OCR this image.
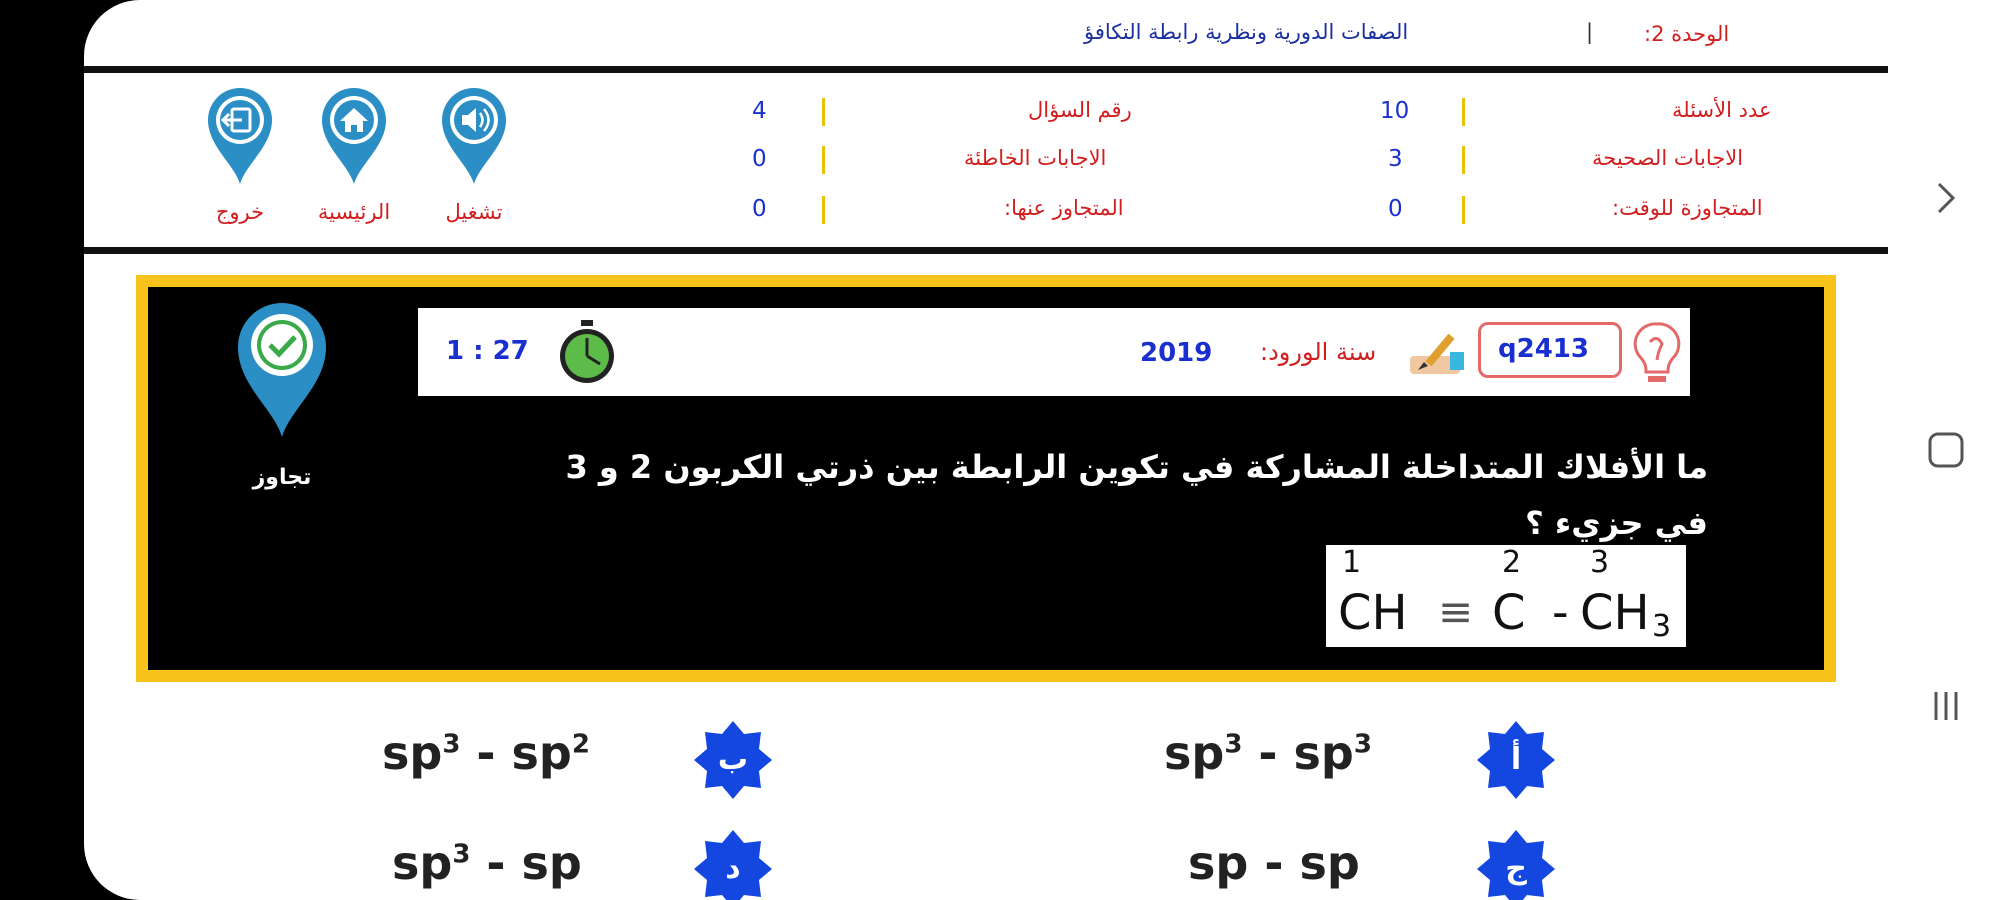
الوحدة 2:
|
الصفات الدورية ونظرية رابطة التكافؤ
عدد الأسئلة
10
الاجابات الصحيحة
3
المتجاوزة للوقت:
0
رقم السؤال
4
الاجابات الخاطئة
0
المتجاوز عنها:
0
تشغيل
الرئيسية
خروج
تجاوز
1 : 27	2019 سنة الورود:	q2413
ما الأفلاك المتداخلة المشاركة في تكوين الرابطة بين ذرتي الكربون 2 و 3 في جزيء ؟
1	2 3
CH ≡ C - CH 3
أ
$sp^3 - sp^3$
ب
$sp^3 - sp^2$
ج
sp - sp
د
$sp^3$ - sp
